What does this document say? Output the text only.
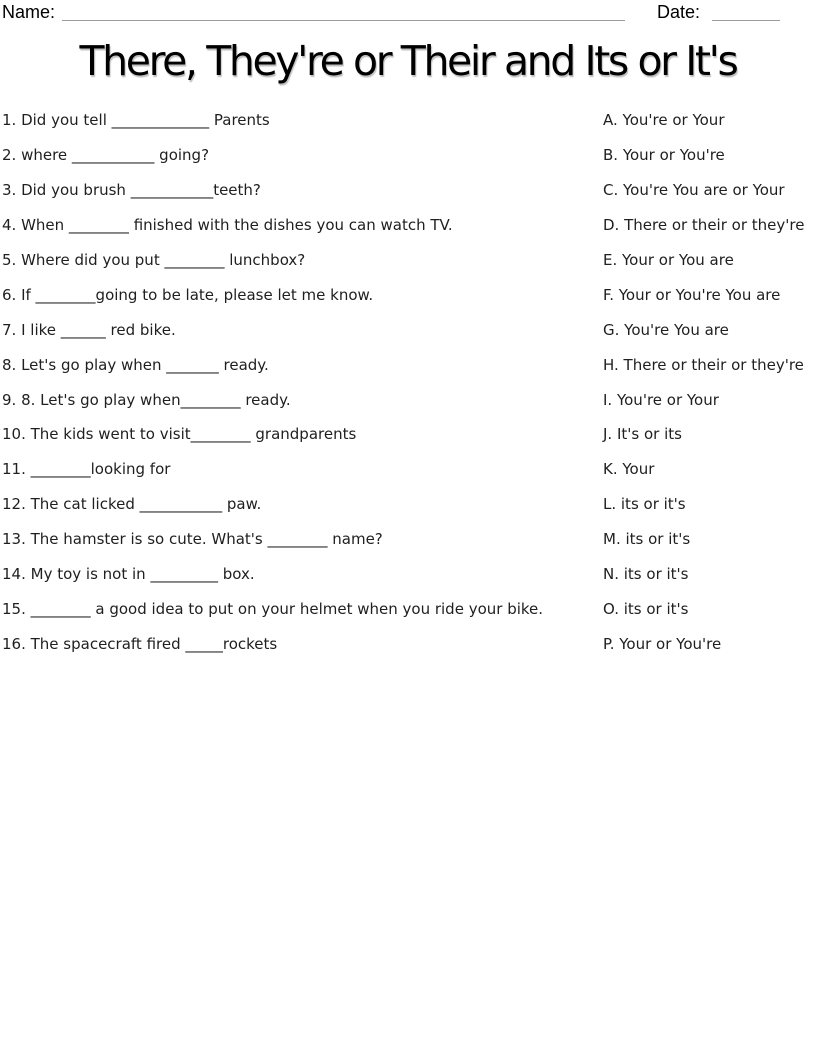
Name:	Date:
There, They're or Their and Its or It's
1. Did you tell _____________ Parents	A. You're or Your
2. where ___________ going?	B. Your or You're
3. Did you brush ___________teeth?	C. You're You are or Your
4. When ________ finished with the dishes you can watch TV.	D. There or their or they're
5. Where did you put ________ lunchbox?	E. Your or You are
6. If ________going to be late, please let me know.	F. Your or You're You are
7. I like ______ red bike.	G. You're You are
8. Let's go play when _______ ready.	H. There or their or they're
9. 8. Let's go play when________ ready.	I. You're or Your
10. The kids went to visit________ grandparents	J. It's or its
11. ________looking for	K. Your
12. The cat licked ___________ paw.	L. its or it's
13. The hamster is so cute. What's ________ name?	M. its or it's
14. My toy is not in _________ box.	N. its or it's
15. ________ a good idea to put on your helmet when you ride your bike.	O. its or it's
16. The spacecraft fired _____rockets	P. Your or You're
